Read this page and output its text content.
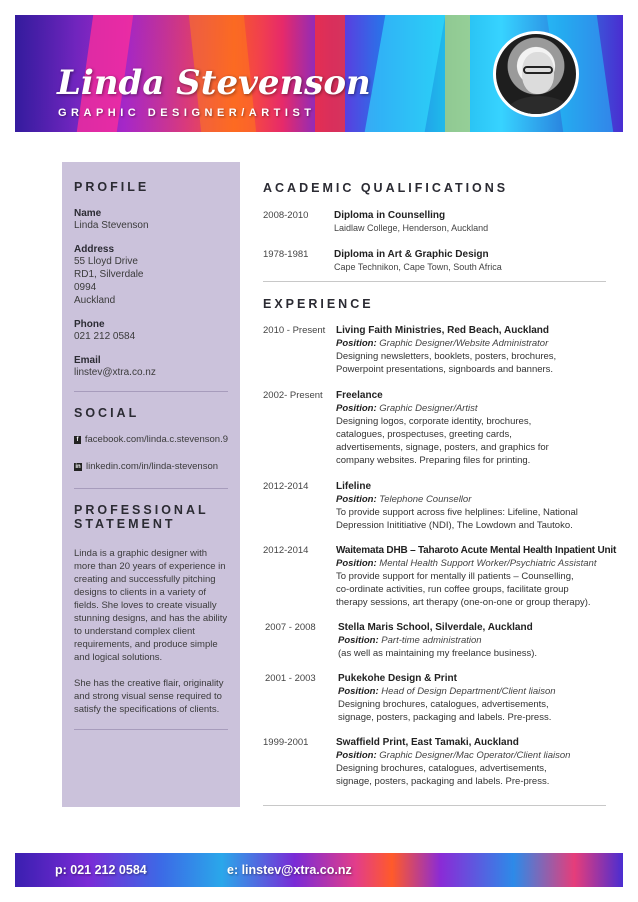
Linda Stevenson
GRAPHIC DESIGNER/ARTIST
PROFILE
Name
Linda Stevenson
Address
55 Lloyd Drive
RD1, Silverdale
0994
Auckland
Phone
021 212 0584
Email
linstev@xtra.co.nz
SOCIAL
f facebook.com/linda.c.stevenson.9
in linkedin.com/in/linda-stevenson
PROFESSIONAL
STATEMENT
Linda is a graphic designer with more than 20 years of experience in creating and successfully pitching designs to clients in a variety of fields. She loves to create visually stunning designs, and has the ability to understand complex client requirements, and produce simple and logical solutions.
She has the creative flair, originality and strong visual sense required to satisfy the specifications of clients.
ACADEMIC QUALIFICATIONS
2008-2010	Diploma in Counselling
Laidlaw College, Henderson, Auckland
1978-1981	Diploma in Art & Graphic Design
Cape Technikon, Cape Town, South Africa
EXPERIENCE
2010 - Present Living Faith Ministries, Red Beach, Auckland
Position: Graphic Designer/Website Administrator
Designing newsletters, booklets, posters, brochures,
Powerpoint presentations, signboards and banners.
2002- Present Freelance
Position: Graphic Designer/Artist
Designing logos, corporate identity, brochures,
catalogues, prospectuses, greeting cards,
advertisements, signage, posters, and graphics for
company websites. Preparing files for printing.
2012-2014	Lifeline
Position: Telephone Counsellor
To provide support across five helplines: Lifeline, National
Depression Inititiative (NDI), The Lowdown and Tautoko.
2012-2014	Waitemata DHB – Taharoto Acute Mental Health Inpatient Unit
Position: Mental Health Support Worker/Psychiatric Assistant
To provide support for mentally ill patients – Counselling,
co-ordinate activities, run coffee groups, facilitate group
therapy sessions, art therapy (one-on-one or group therapy).
2007 - 2008 Stella Maris School, Silverdale, Auckland
Position: Part-time administration
(as well as maintaining my freelance business).
2001 - 2003 Pukekohe Design & Print
Position: Head of Design Department/Client liaison
Designing brochures, catalogues, advertisements,
signage, posters, packaging and labels. Pre-press.
1999-2001	Swaffield Print, East Tamaki, Auckland
Position: Graphic Designer/Mac Operator/Client liaison
Designing brochures, catalogues, advertisements,
signage, posters, packaging and labels. Pre-press.
p: 021 212 0584	e: linstev@xtra.co.nz
